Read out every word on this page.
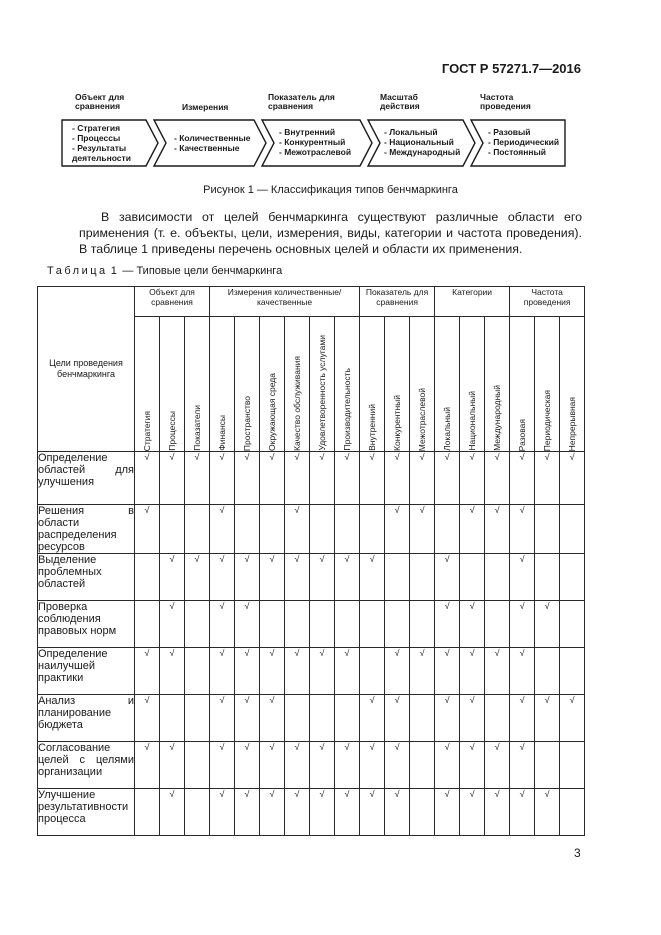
ГОСТ Р 57271.7—2016
Объект для сравнения	Измерения
Показатель для сравнения
Масштаб действия
Частота проведения
- Стратегия
- Процессы
- Результаты деятельности
- Количественные
- Качественные
- Внутренний
- Конкурентный
- Межотраслевой
- Локальный
- Национальный
- Международный
- Разовый
- Периодический
- Постоянный
Рисунок 1 — Классификация типов бенчмаркинга

В зависимости от целей бенчмаркинга существуют различные области его применения (т. е. объекты, цели, измерения, виды, категории и частота проведения). В таблице 1 приведены перечень основных целей и области их применения.

Таблица 1 — Типовые цели бенчмаркинга
Цели проведения бенчмаркинга	Объект для сравнения			Измерения количественные/качественные						Показатель для сравнения			Категории			Частота проведения		

	Стратегия	Процессы	Показатели	Финансы	Пространство	Окружающая среда	Качество обслуживания	Удовлетворенность услугами	Производительность	Внутренний	Конкурентный	Межотраслевой	Локальный	Национальный	Международный	Разовая	Периодическая	Непрерывная

Определение областей для улучшения	√	√	√	√	√	√	√	√	√	√	√	√	√	√	√	√	√	√
Решения в области распределения ресурсов	√			√			√				√	√		√	√	√		
Выделение проблемных областей		√	√	√	√	√	√	√	√	√			√			√		
Проверка соблюдения правовых норм		√		√	√								√	√		√	√	
Определение наилучшей практики	√	√		√	√	√	√	√	√		√	√	√	√	√	√		
Анализ и планирование бюджета	√			√	√	√				√	√		√	√		√	√	√
Согласование целей с целями организации	√	√		√	√	√	√	√	√	√	√		√	√	√	√		
Улучшение результативности процесса		√		√	√	√	√	√	√	√	√		√	√	√	√	√	
3
